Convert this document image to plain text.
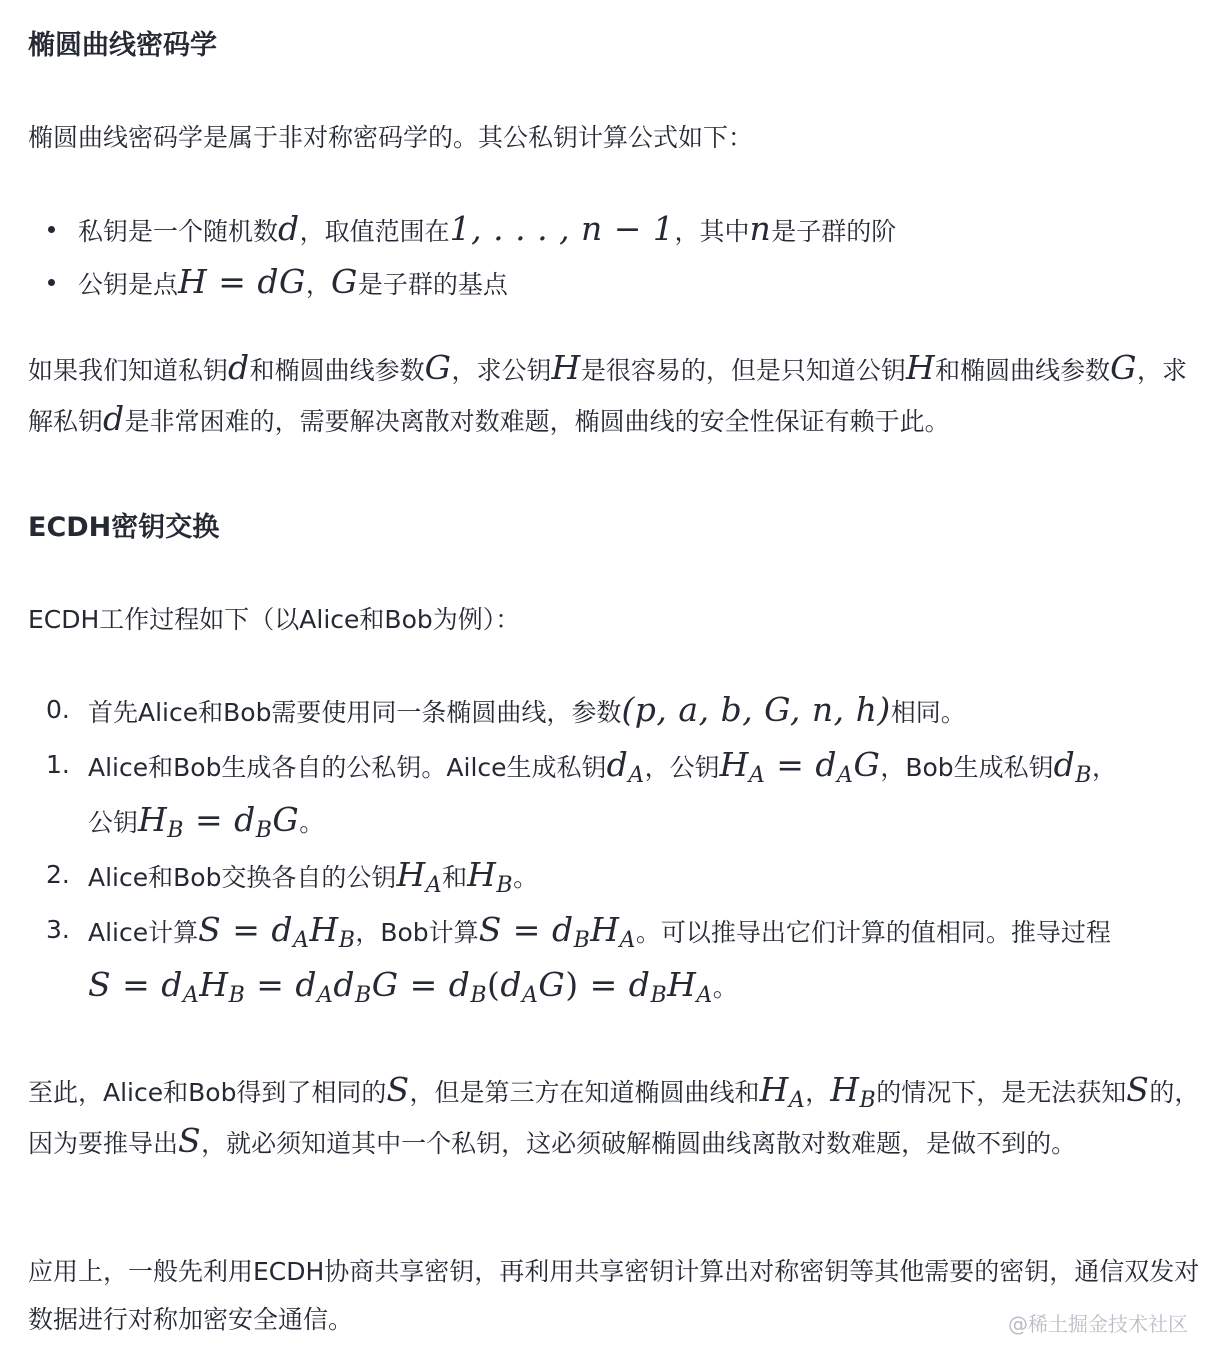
椭圆曲线密码学

椭圆曲线密码学是属于非对称密码学的。其公私钥计算公式如下：

私钥是一个随机数d，取值范围在1, . . . , n − 1，其中n是子群的阶
公钥是点H = dG，G是子群的基点

如果我们知道私钥d和椭圆曲线参数G，求公钥H是很容易的，但是只知道公钥H和椭圆曲线参数G，求解私钥d是非常困难的，需要解决离散对数难题，椭圆曲线的安全性保证有赖于此。

ECDH密钥交换

ECDH工作过程如下（以Alice和Bob为例）：

0. 首先Alice和Bob需要使用同一条椭圆曲线，参数(p, a, b, G, n, h)相同。
1. Alice和Bob生成各自的公私钥。Ailce生成私钥$d_A$，公钥$H_A = d_AG$，Bob生成私钥$d_B$，
公钥$H_B = d_BG$。
2. Alice和Bob交换各自的公钥$H_A$和$H_B$。
3. Alice计算$S = d_AH_B$，Bob计算$S = d_BH_A$。可以推导出它们计算的值相同。推导过程
$S = d_AH_B = d_Ad_BG = d_B(d_AG) = d_BH_A$。

至此，Alice和Bob得到了相同的S，但是第三方在知道椭圆曲线和$H_A$，$H_B$的情况下，是无法获知S的，因为要推导出S，就必须知道其中一个私钥，这必须破解椭圆曲线离散对数难题，是做不到的。

应用上，一般先利用ECDH协商共享密钥，再利用共享密钥计算出对称密钥等其他需要的密钥，通信双发对数据进行对称加密安全通信。	@稀土掘金技术社区
